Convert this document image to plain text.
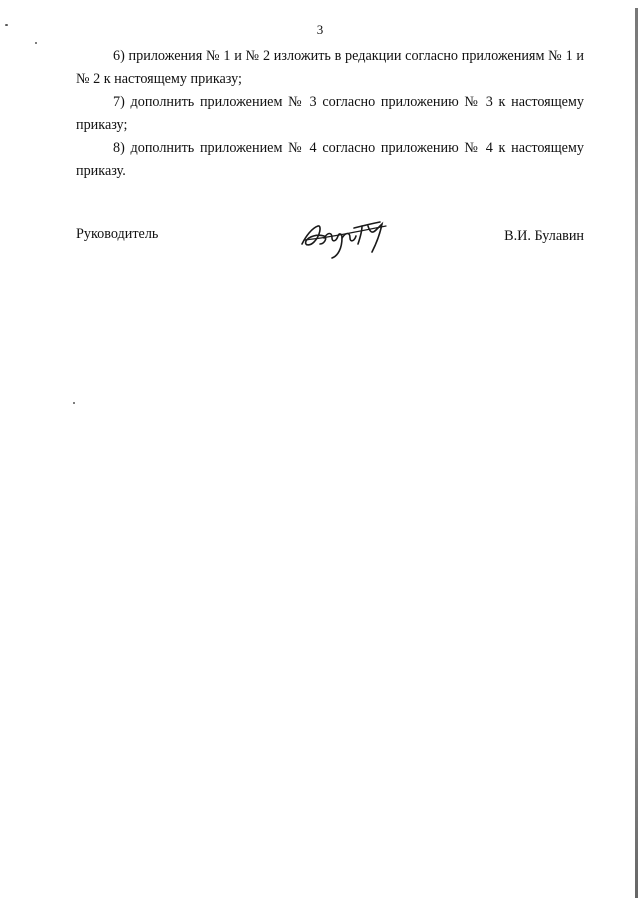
3

6) приложения № 1 и № 2 изложить в редакции согласно приложениям № 1 и № 2 к настоящему приказу;

7) дополнить приложением № 3 согласно приложению № 3 к настоящему приказу;

8) дополнить приложением № 4 согласно приложению № 4 к настоящему приказу.

Руководитель	В.И. Булавин
